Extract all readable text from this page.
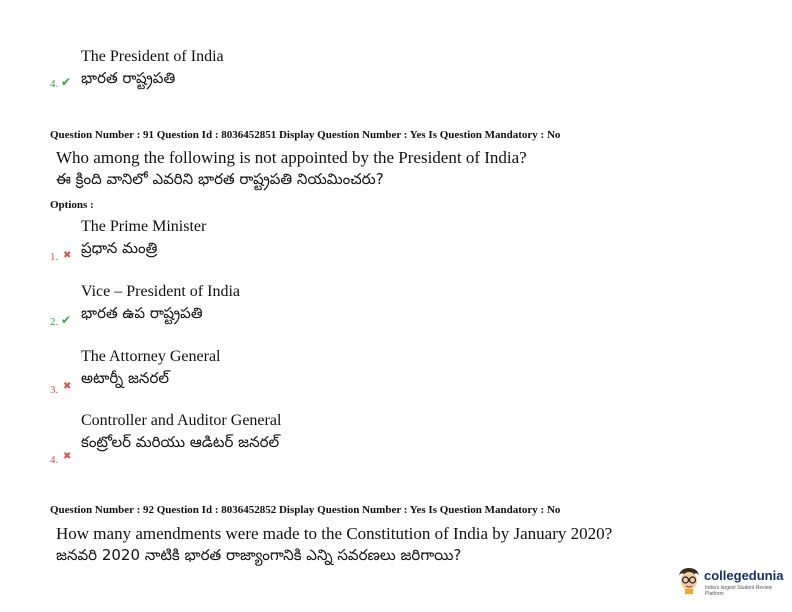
The President of India
4. ✔ భారత రాష్ట్రపతి
Question Number : 91 Question Id : 8036452851 Display Question Number : Yes Is Question Mandatory : No
Who among the following is not appointed by the President of India?
ఈ క్రింది వానిలో ఎవరిని భారత రాష్ట్రపతి నియమించరు?
Options :
The Prime Minister
ప్రధాన మంత్రి
1. ✖
Vice – President of India
భారత ఉప రాష్ట్రపతి
2. ✔
The Attorney General
అటార్నీ జనరల్
3. ✖
Controller and Auditor General
కంట్రోలర్ మరియు ఆడిటర్ జనరల్
4. ✖
Question Number : 92 Question Id : 8036452852 Display Question Number : Yes Is Question Mandatory : No
How many amendments were made to the Constitution of India by January 2020?
జనవరి 2020 నాటికి భారత రాజ్యాంగానికి ఎన్ని సవరణలు జరిగాయి?
collegedunia
India's largest Student Review Platform
